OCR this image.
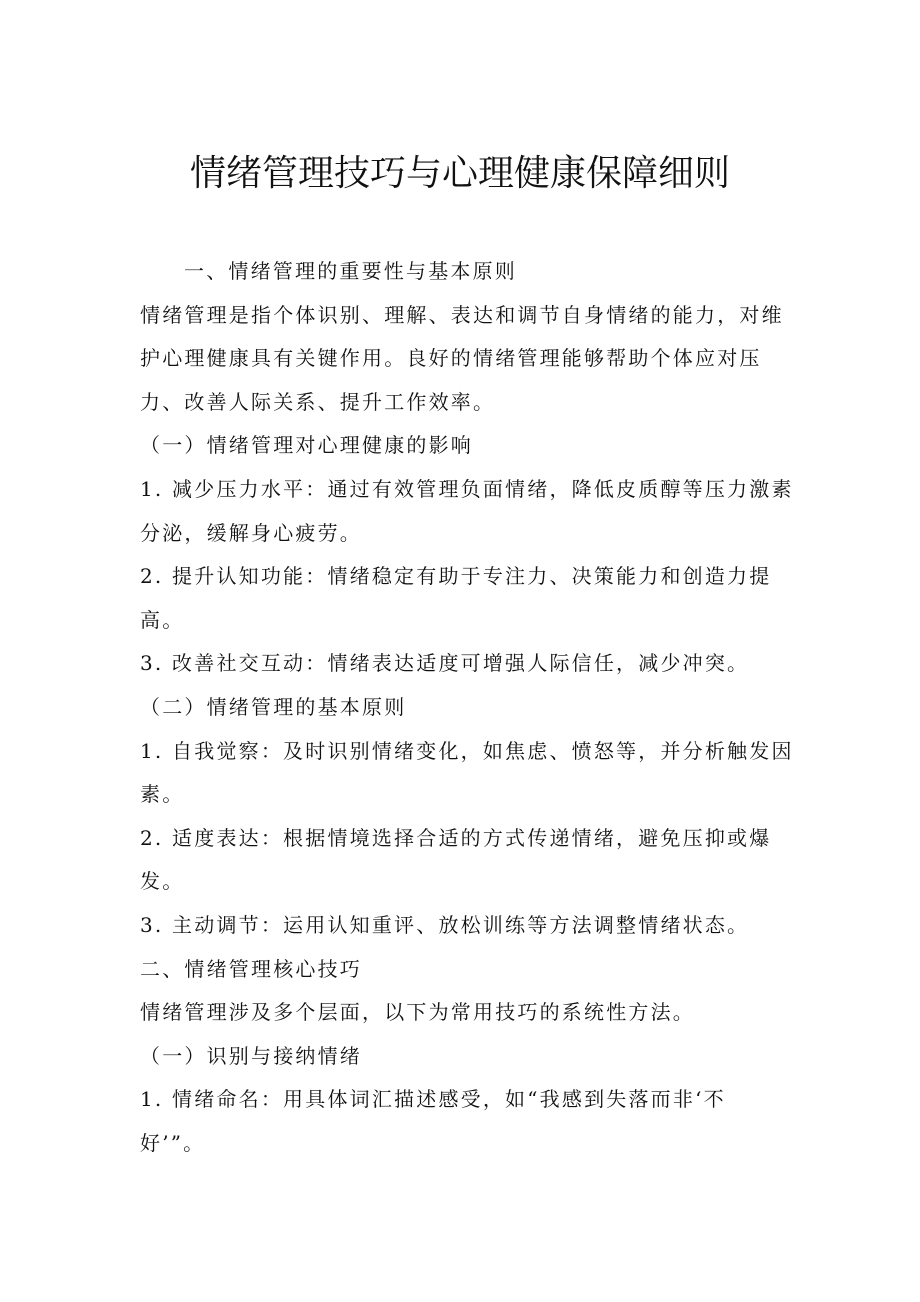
情绪管理技巧与心理健康保障细则

一、情绪管理的重要性与基本原则

情绪管理是指个体识别、理解、表达和调节自身情绪的能力，对维

护心理健康具有关键作用。良好的情绪管理能够帮助个体应对压

力、改善人际关系、提升工作效率。

（一）情绪管理对心理健康的影响

1. 减少压力水平：通过有效管理负面情绪，降低皮质醇等压力激素

分泌，缓解身心疲劳。

2. 提升认知功能：情绪稳定有助于专注力、决策能力和创造力提

高。

3. 改善社交互动：情绪表达适度可增强人际信任，减少冲突。

（二）情绪管理的基本原则

1. 自我觉察：及时识别情绪变化，如焦虑、愤怒等，并分析触发因

素。

2. 适度表达：根据情境选择合适的方式传递情绪，避免压抑或爆

发。

3. 主动调节：运用认知重评、放松训练等方法调整情绪状态。

二、情绪管理核心技巧

情绪管理涉及多个层面，以下为常用技巧的系统性方法。

（一）识别与接纳情绪

1. 情绪命名：用具体词汇描述感受，如“我感到失落而非‘不

好’”。
